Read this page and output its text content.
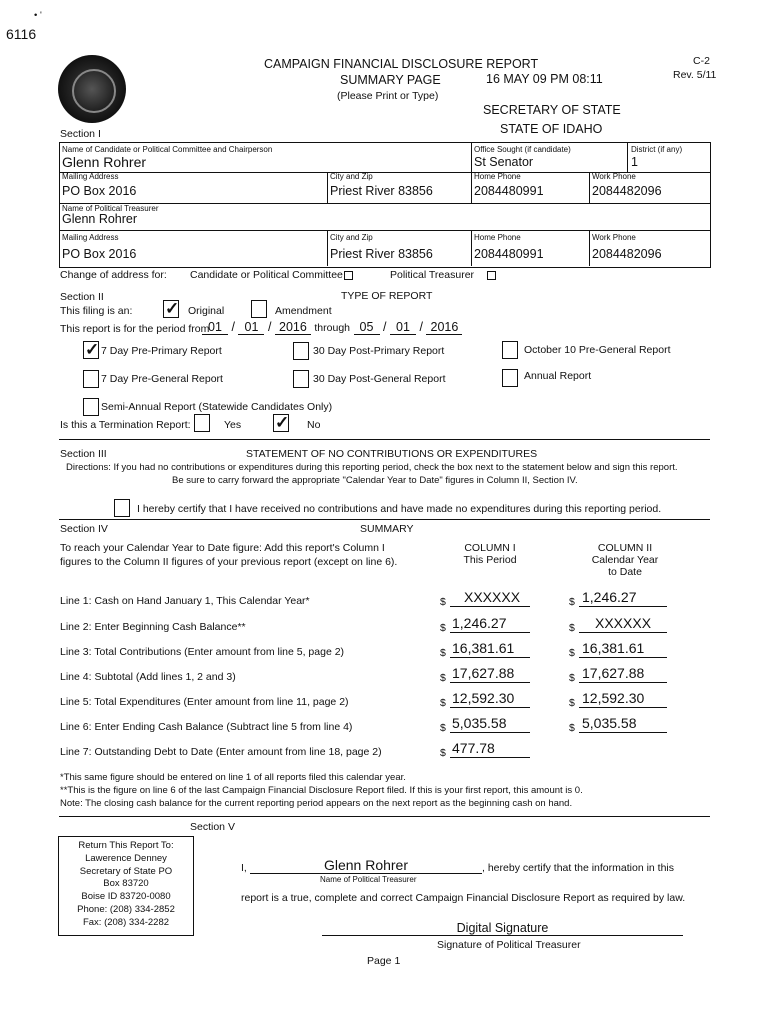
6116
• '
CAMPAIGN FINANCIAL DISCLOSURE REPORT
SUMMARY PAGE
(Please Print or Type)
16 MAY 09 PM 08:11
SECRETARY OF STATE
STATE OF IDAHO
C-2
Rev. 5/11
Section I
Name of Candidate or Political Committee and Chairperson
Glenn Rohrer
Office Sought (if candidate)
St Senator
District (if any)
1
Mailing Address
PO Box 2016
City and Zip
Priest River 83856
Home Phone
2084480991
Work Phone
2084482096
Name of Political Treasurer
Glenn Rohrer
Mailing Address
PO Box 2016
City and Zip
Priest River 83856
Home Phone
2084480991
Work Phone
2084482096
Change of address for: Candidate or Political Committee	Political Treasurer
Section II	TYPE OF REPORT
This filing is an: ✓ Original	Amendment
This report is for the period from
01 / 01 / 2016 through 05 / 01 / 2016
✓ 7 Day Pre-Primary Report	30 Day Post-Primary Report	October 10 Pre-General Report
7 Day Pre-General Report	30 Day Post-General Report	Annual Report
Semi-Annual Report (Statewide Candidates Only)
Is this a Termination Report:	Yes ✓ No
Section III	STATEMENT OF NO CONTRIBUTIONS OR EXPENDITURES
Directions: If you had no contributions or expenditures during this reporting period, check the box next to the statement below and sign this report.
Be sure to carry forward the appropriate "Calendar Year to Date" figures in Column II, Section IV.
I hereby certify that I have received no contributions and have made no expenditures during this reporting period.
Section IV	SUMMARY
To reach your Calendar Year to Date figure: Add this report's Column I
figures to the Column II figures of your previous report (except on line 6).
COLUMN I
This Period
COLUMN II
Calendar Year
to Date
Line 1: Cash on Hand January 1, This Calendar Year*	$	XXXXXX	$ 1,246.27
Line 2: Enter Beginning Cash Balance**	$ 1,246.27	$	XXXXXX
Line 3: Total Contributions (Enter amount from line 5, page 2)	$ 16,381.61	$ 16,381.61
Line 4: Subtotal (Add lines 1, 2 and 3)	$ 17,627.88	$ 17,627.88
Line 5: Total Expenditures (Enter amount from line 11, page 2)	$ 12,592.30	$ 12,592.30
Line 6: Enter Ending Cash Balance (Subtract line 5 from line 4)	$ 5,035.58	$ 5,035.58
Line 7: Outstanding Debt to Date (Enter amount from line 18, page 2)	$ 477.78
*This same figure should be entered on line 1 of all reports filed this calendar year.
**This is the figure on line 6 of the last Campaign Financial Disclosure Report filed. If this is your first report, this amount is 0.
Note: The closing cash balance for the current reporting period appears on the next report as the beginning cash on hand.
Section V
Return This Report To:
Lawerence Denney
Secretary of State PO
Box 83720
Boise ID 83720-0080
Phone: (208) 334-2852
Fax: (208) 334-2282
I,	Glenn Rohrer	, hereby certify that the information in this
Name of Political Treasurer
report is a true, complete and correct Campaign Financial Disclosure Report as required by law.
Digital Signature
Signature of Political Treasurer
Page 1
